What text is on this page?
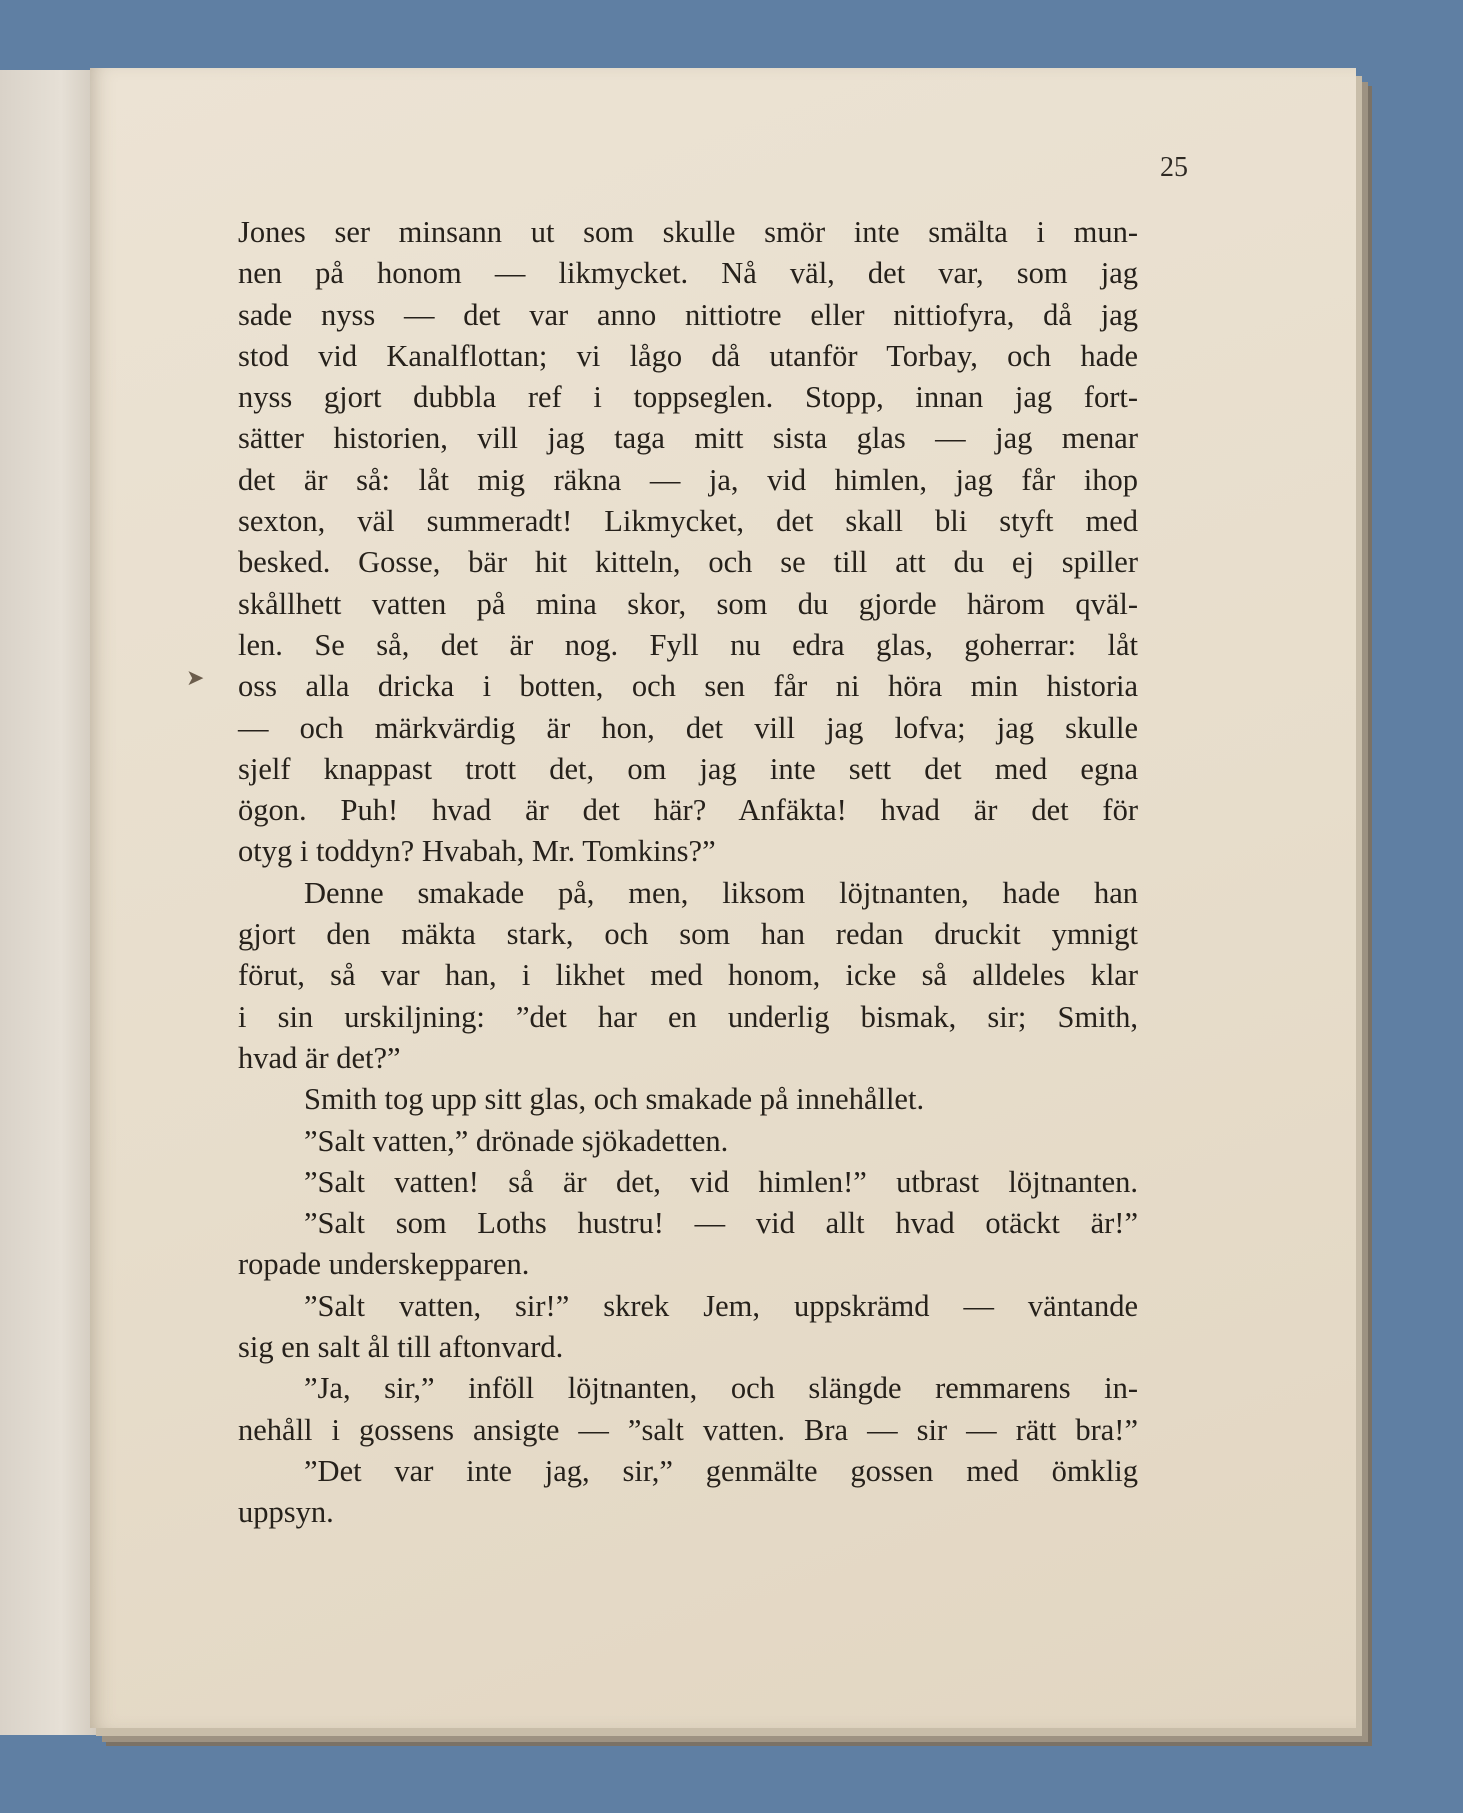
25
➤
Jones ser minsann ut som skulle smör inte smälta i mun-
nen på honom — likmycket. Nå väl, det var, som jag
sade nyss — det var anno nittiotre eller nittiofyra, då jag
stod vid Kanalflottan; vi lågo då utanför Torbay, och hade
nyss gjort dubbla ref i toppseglen. Stopp, innan jag fort-
sätter historien, vill jag taga mitt sista glas — jag menar
det är så: låt mig räkna — ja, vid himlen, jag får ihop
sexton, väl summeradt! Likmycket, det skall bli styft med
besked. Gosse, bär hit kitteln, och se till att du ej spiller
skållhett vatten på mina skor, som du gjorde härom qväl-
len. Se så, det är nog. Fyll nu edra glas, goherrar: låt
oss alla dricka i botten, och sen får ni höra min historia
— och märkvärdig är hon, det vill jag lofva; jag skulle
sjelf knappast trott det, om jag inte sett det med egna
ögon. Puh! hvad är det här? Anfäkta! hvad är det för
otyg i toddyn? Hvabah, Mr. Tomkins?”
Denne smakade på, men, liksom löjtnanten, hade han
gjort den mäkta stark, och som han redan druckit ymnigt
förut, så var han, i likhet med honom, icke så alldeles klar
i sin urskiljning: ”det har en underlig bismak, sir; Smith,
hvad är det?”
Smith tog upp sitt glas, och smakade på innehållet.
”Salt vatten,” drönade sjökadetten.
”Salt vatten! så är det, vid himlen!” utbrast löjtnanten.
”Salt som Loths hustru! — vid allt hvad otäckt är!”
ropade underskepparen.
”Salt vatten, sir!” skrek Jem, uppskrämd — väntande
sig en salt ål till aftonvard.
”Ja, sir,” inföll löjtnanten, och slängde remmarens in-
nehåll i gossens ansigte — ”salt vatten. Bra — sir — rätt bra!”
”Det var inte jag, sir,” genmälte gossen med ömklig
uppsyn.
